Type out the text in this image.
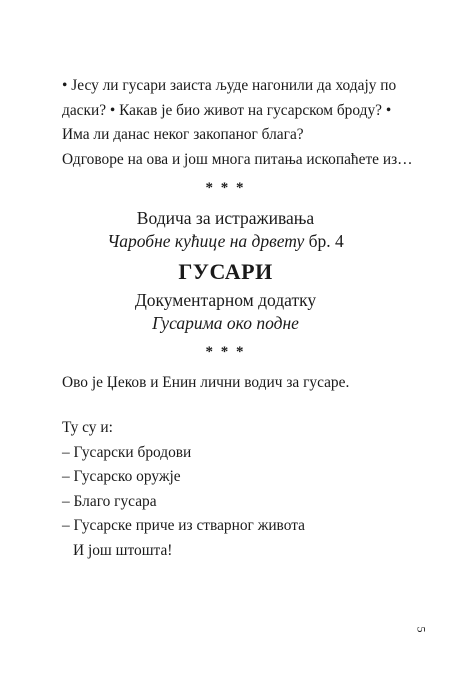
• Јесу ли гусари заиста људе нагонили да ходају по

даски? • Какав је био живот на гусарском броду? •

Има ли данас неког закопаног блага?

Одговоре на ова и још многа питања ископаћете из…

* * *
Водича за истраживања
Чаробне кућице на дрвету бр. 4
ГУСАРИ
Документарном додатку
Гусарима око подне
* * *
Ово је Џеков и Енин лични водич за гусаре.

Ту су и:

– Гусарски бродови

– Гусарско оружје

– Благо гусара

– Гусарске приче из стварног живота

И још штошта!

5
